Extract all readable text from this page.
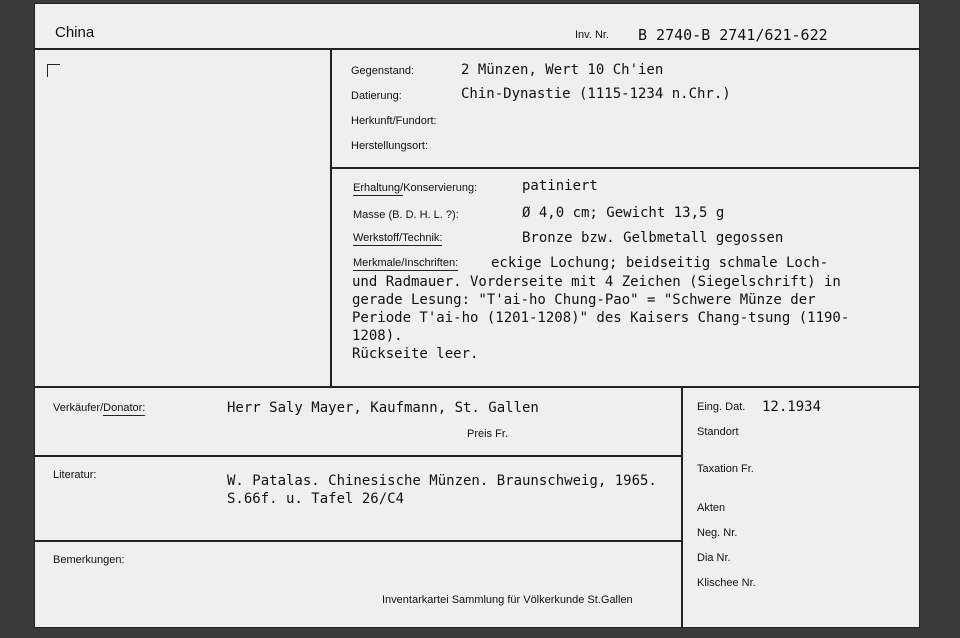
China	Inv. Nr. B 2740-B 2741/621-622
Gegenstand:	2 Münzen, Wert 10 Ch'ien
Datierung:	Chin-Dynastie (1115-1234 n.Chr.)
Herkunft/Fundort:
Herstellungsort:
Erhaltung/Konservierung:	patiniert
Masse (B. D. H. L. ?):	Ø 4,0 cm; Gewicht 13,5 g
Werkstoff/Technik:	Bronze bzw. Gelbmetall gegossen
Merkmale/Inschriften: eckige Lochung; beidseitig schmale Loch-
und Radmauer. Vorderseite mit 4 Zeichen (Siegelschrift) in
gerade Lesung: "T'ai-ho Chung-Pao" = "Schwere Münze der
Periode T'ai-ho (1201-1208)" des Kaisers Chang-tsung (1190-
1208).
Rückseite leer.
Verkäufer/Donator:	Herr Saly Mayer, Kaufmann, St. Gallen
Preis Fr.
Literatur:	W. Patalas. Chinesische Münzen. Braunschweig, 1965.
S.66f. u. Tafel 26/C4
Bemerkungen:
Inventarkartei Sammlung für Völkerkunde St.Gallen
Eing. Dat. 12.1934
Standort
Taxation Fr.
Akten
Neg. Nr.
Dia Nr.
Klischee Nr.
